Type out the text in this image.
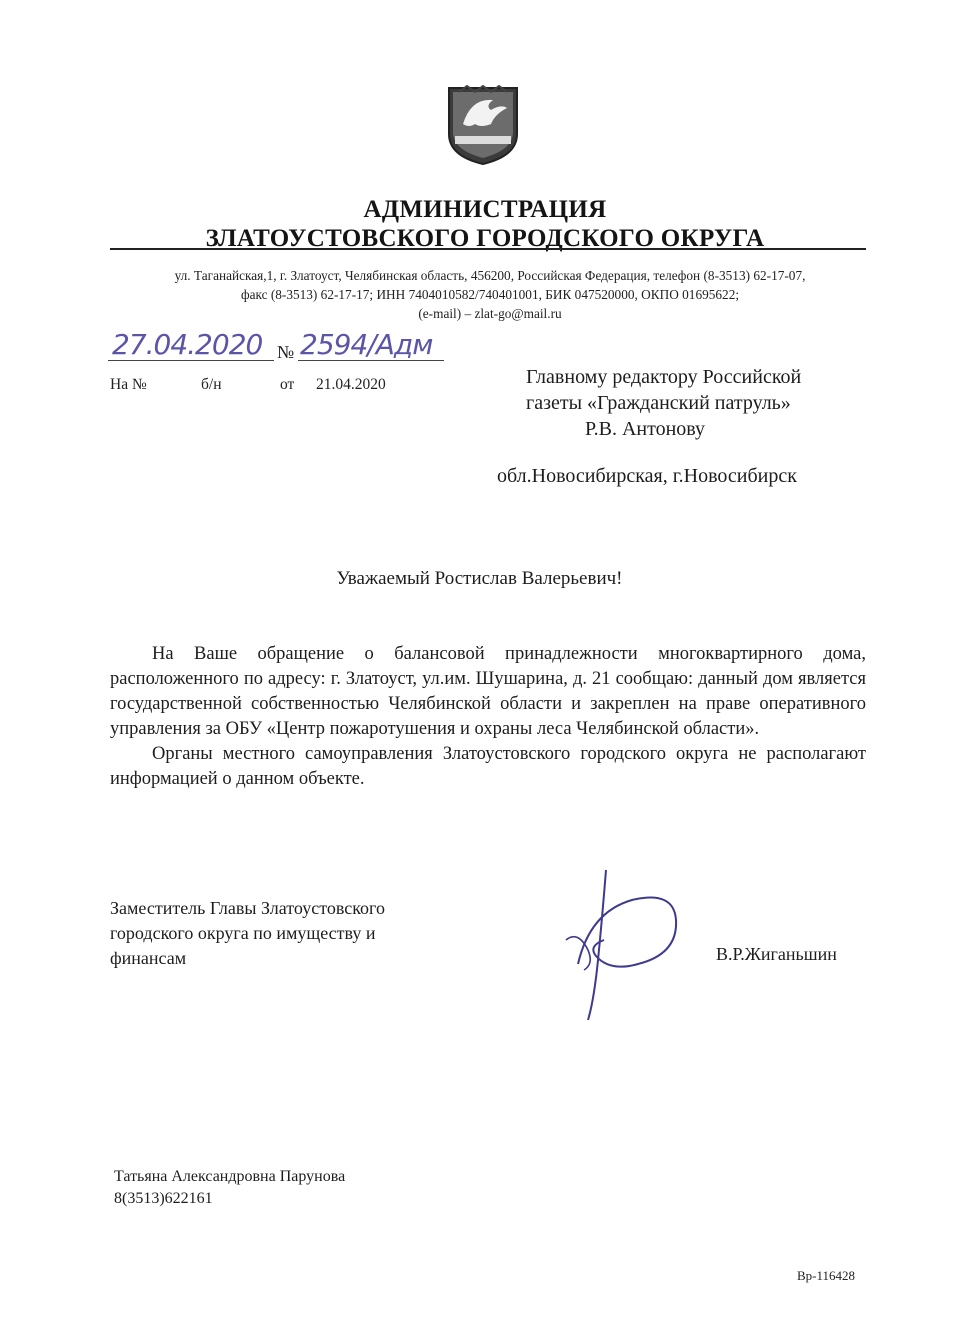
АДМИНИСТРАЦИЯ
ЗЛАТОУСТОВСКОГО ГОРОДСКОГО ОКРУГА
ул. Таганайская,1, г. Златоуст, Челябинская область, 456200, Российская Федерация, телефон (8-3513) 62-17-07,
факс (8-3513) 62-17-17; ИНН 7404010582/740401001, БИК 047520000, ОКПО 01695622;
(e-mail) – zlat-go@mail.ru
27.04.2020 № 2594/Адм
На №	б/н	от 21.04.2020	Главному редактору Российской
газеты «Гражданский патруль»
Р.В. Антонову
обл.Новосибирская, г.Новосибирск
Уважаемый Ростислав Валерьевич!

На Ваше обращение о балансовой принадлежности многоквартирного дома, расположенного по адресу: г. Златоуст, ул.им. Шушарина, д. 21 сообщаю: данный дом является государственной собственностью Челябинской области и закреплен на праве оперативного управления за ОБУ «Центр пожаротушения и охраны леса Челябинской области».

Органы местного самоуправления Златоустовского городского округа не располагают информацией о данном объекте.

Заместитель Главы Златоустовского
городского округа по имуществу и
финансам	В.Р.Жиганьшин
Татьяна Александровна Парунова
8(3513)622161
Вр-116428
